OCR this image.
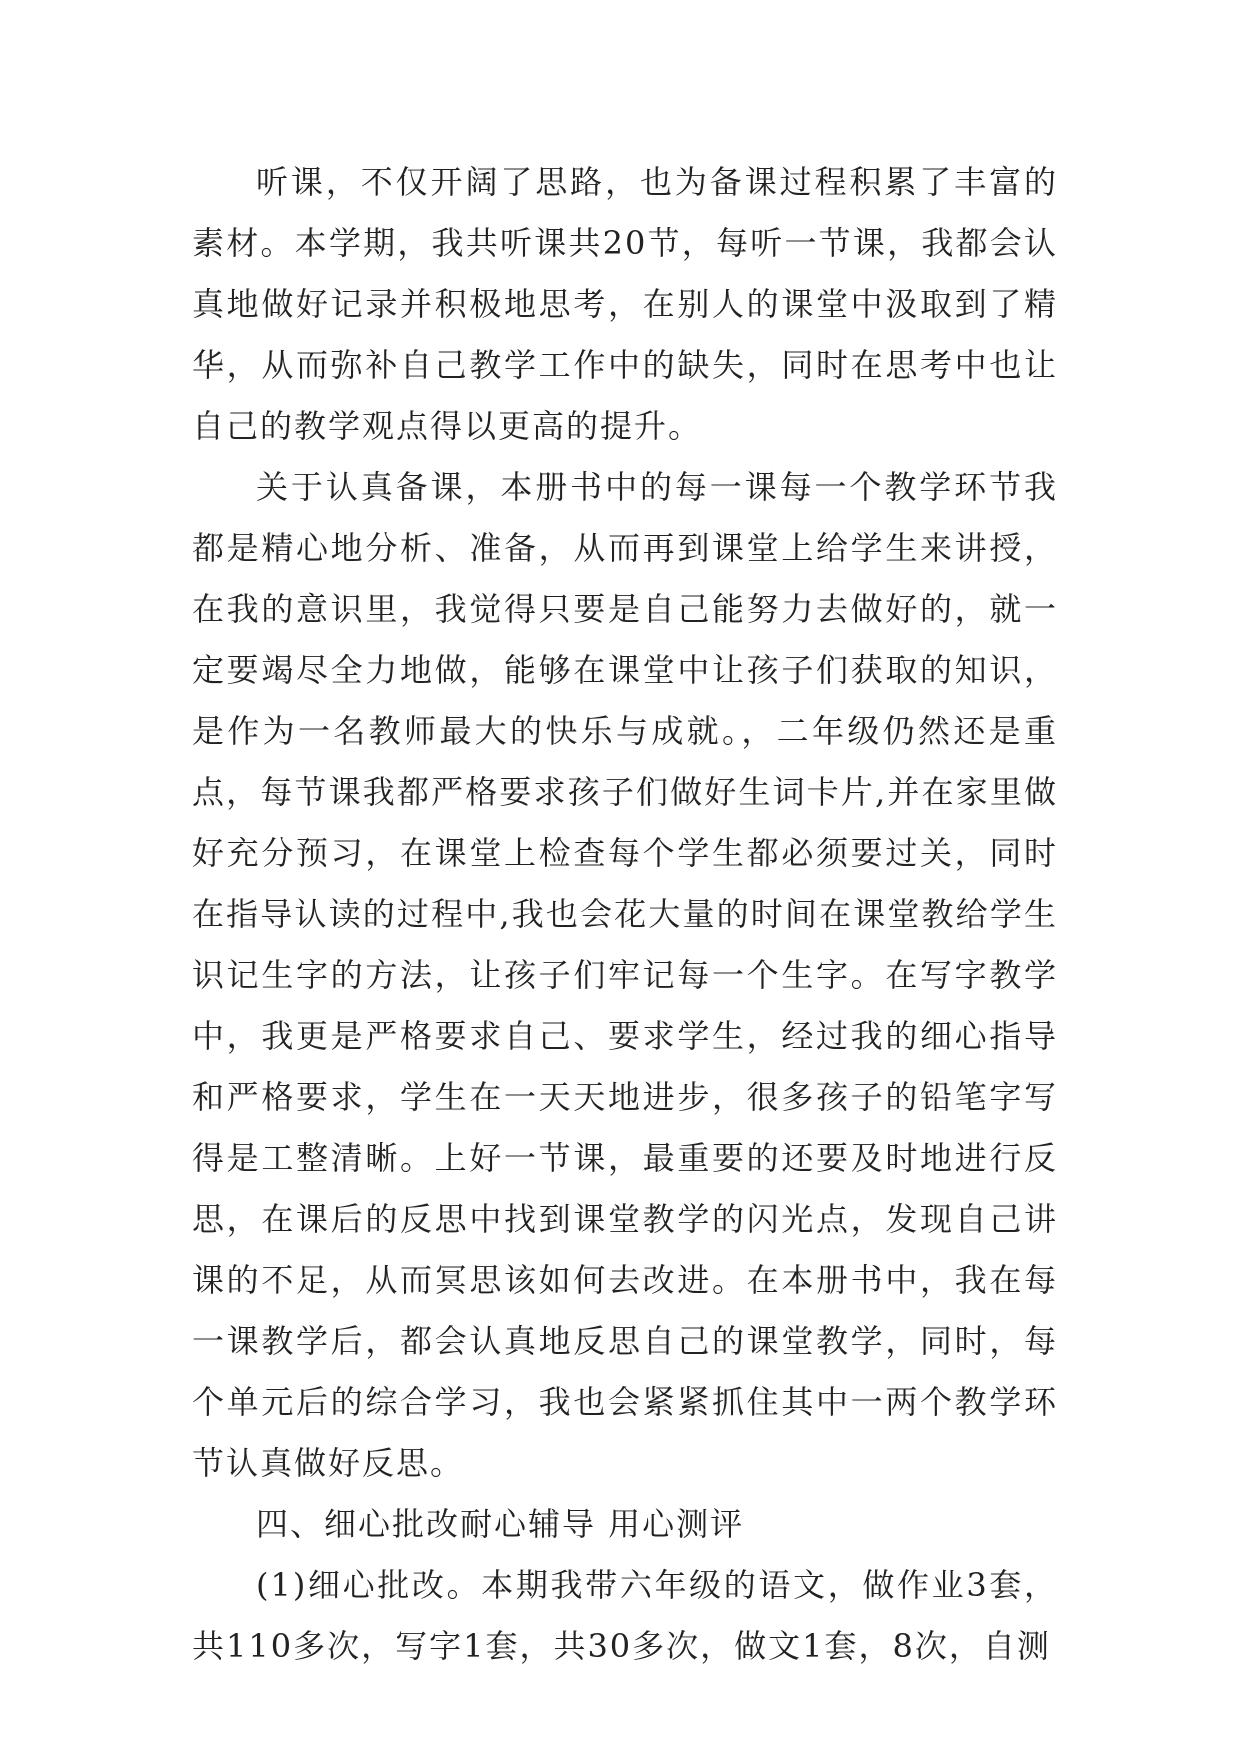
听课，不仅开阔了思路，也为备课过程积累了丰富的素材。本学期，我共听课共20节，每听一节课，我都会认真地做好记录并积极地思考，在别人的课堂中汲取到了精华，从而弥补自己教学工作中的缺失，同时在思考中也让自己的教学观点得以更高的提升。

关于认真备课，本册书中的每一课每一个教学环节我都是精心地分析、准备，从而再到课堂上给学生来讲授，在我的意识里，我觉得只要是自己能努力去做好的，就一定要竭尽全力地做，能够在课堂中让孩子们获取的知识，是作为一名教师最大的快乐与成就。，二年级仍然还是重点，每节课我都严格要求孩子们做好生词卡片,并在家里做好充分预习，在课堂上检查每个学生都必须要过关，同时在指导认读的过程中,我也会花大量的时间在课堂教给学生识记生字的方法，让孩子们牢记每一个生字。在写字教学中，我更是严格要求自己、要求学生，经过我的细心指导和严格要求，学生在一天天地进步，很多孩子的铅笔字写得是工整清晰。上好一节课，最重要的还要及时地进行反思，在课后的反思中找到课堂教学的闪光点，发现自己讲课的不足，从而冥思该如何去改进。在本册书中，我在每一课教学后，都会认真地反思自己的课堂教学，同时，每个单元后的综合学习，我也会紧紧抓住其中一两个教学环节认真做好反思。

四、细心批改耐心辅导 用心测评

(1)细心批改。本期我带六年级的语文，做作业3套，共110多次，写字1套，共30多次，做文1套，8次，自测
